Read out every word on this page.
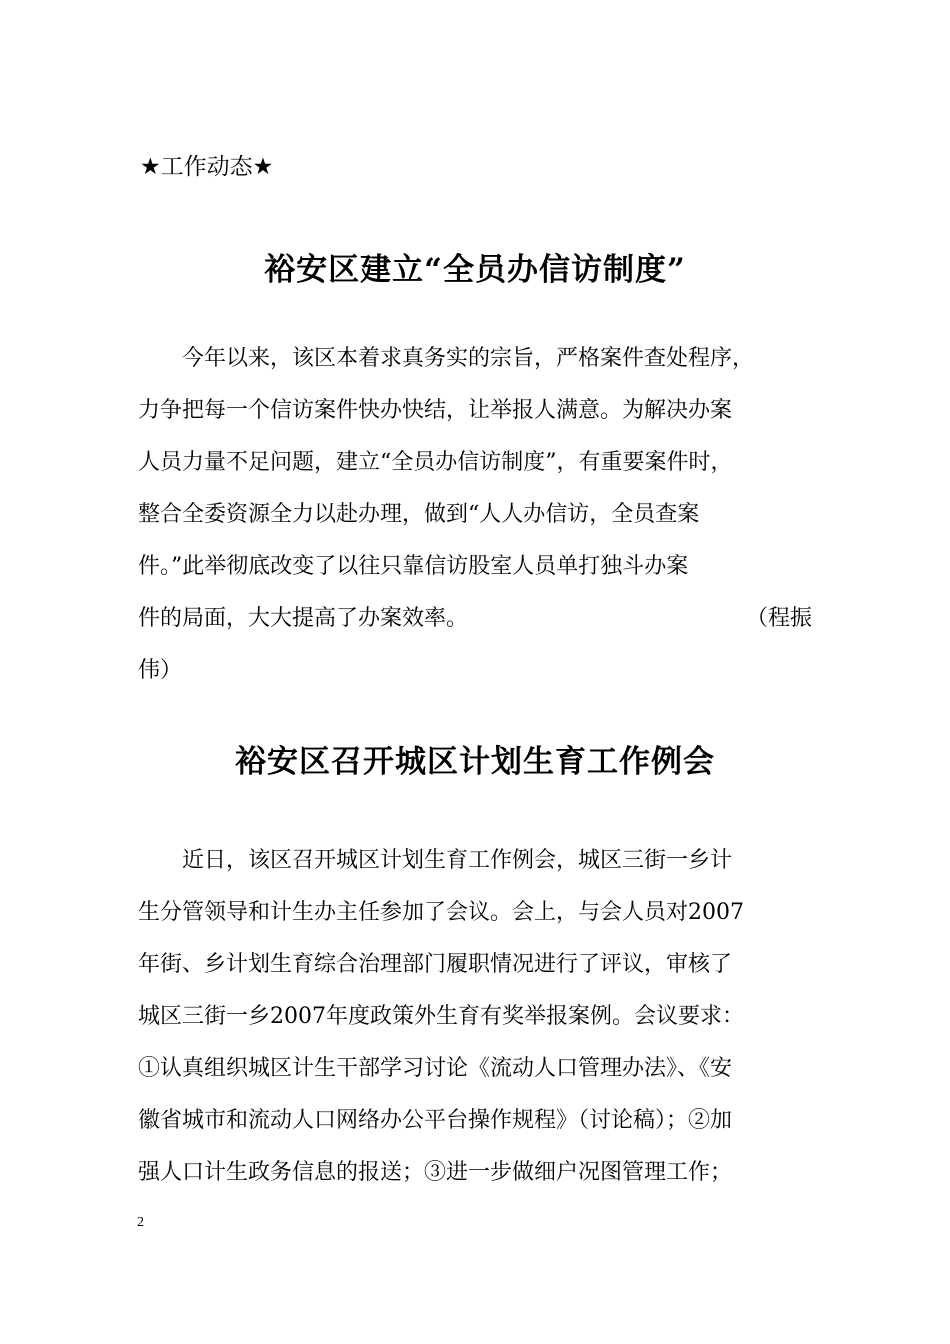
★工作动态★
裕安区建立“全员办信访制度”
　　今年以来，该区本着求真务实的宗旨，严格案件查处程序，
力争把每一个信访案件快办快结，让举报人满意。为解决办案
人员力量不足问题，建立“全员办信访制度”，有重要案件时，
整合全委资源全力以赴办理，做到“人人办信访，全员查案
件。”此举彻底改变了以往只靠信访股室人员单打独斗办案
件的局面，大大提高了办案效率。	（程振
伟）
裕安区召开城区计划生育工作例会
　　近日，该区召开城区计划生育工作例会，城区三街一乡计
生分管领导和计生办主任参加了会议。会上，与会人员对2007
年街、乡计划生育综合治理部门履职情况进行了评议，审核了
城区三街一乡2007年度政策外生育有奖举报案例。会议要求：
①认真组织城区计生干部学习讨论《流动人口管理办法》、《安
徽省城市和流动人口网络办公平台操作规程》（讨论稿）；②加
强人口计生政务信息的报送；③进一步做细户况图管理工作；
2
